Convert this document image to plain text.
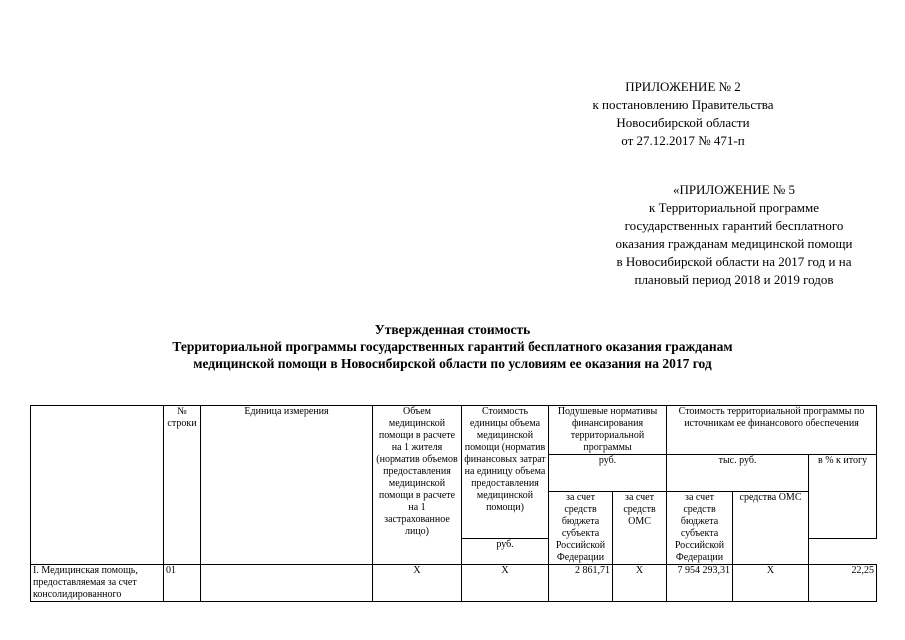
ПРИЛОЖЕНИЕ № 2
к постановлению Правительства
Новосибирской области
от 27.12.2017 № 471-п
«ПРИЛОЖЕНИЕ № 5
к Территориальной программе
государственных гарантий бесплатного
оказания гражданам медицинской помощи
в Новосибирской области на 2017 год и на
плановый период 2018 и 2019 годов
Утвержденная стоимость
Территориальной программы государственных гарантий бесплатного оказания гражданам
медицинской помощи в Новосибирской области по условиям ее оказания на 2017 год
	№ строки	Единица измерения	Объем медицинской помощи в расчете на 1 жителя (норматив объемов предоставления медицинской помощи в расчете на 1 застрахованное лицо)	Стоимость единицы объема медицинской помощи (норматив финансовых затрат на единицу объема предоставления медицинской помощи)	Подушевые нормативы финансирования территориальной программы		Стоимость территориальной программы по источникам ее финансового обеспечения		
					руб.		тыс. руб.		в % к итогу
					за счет средств бюджета субъекта Российской Федерации	за счет средств ОМС	за счет средств бюджета субъекта Российской Федерации	средства ОМС	
				руб.					
I. Медицинская помощь, предоставляемая за счет консолидированного	01		Х	Х	2 861,71	Х	7 954 293,31	Х	22,25
